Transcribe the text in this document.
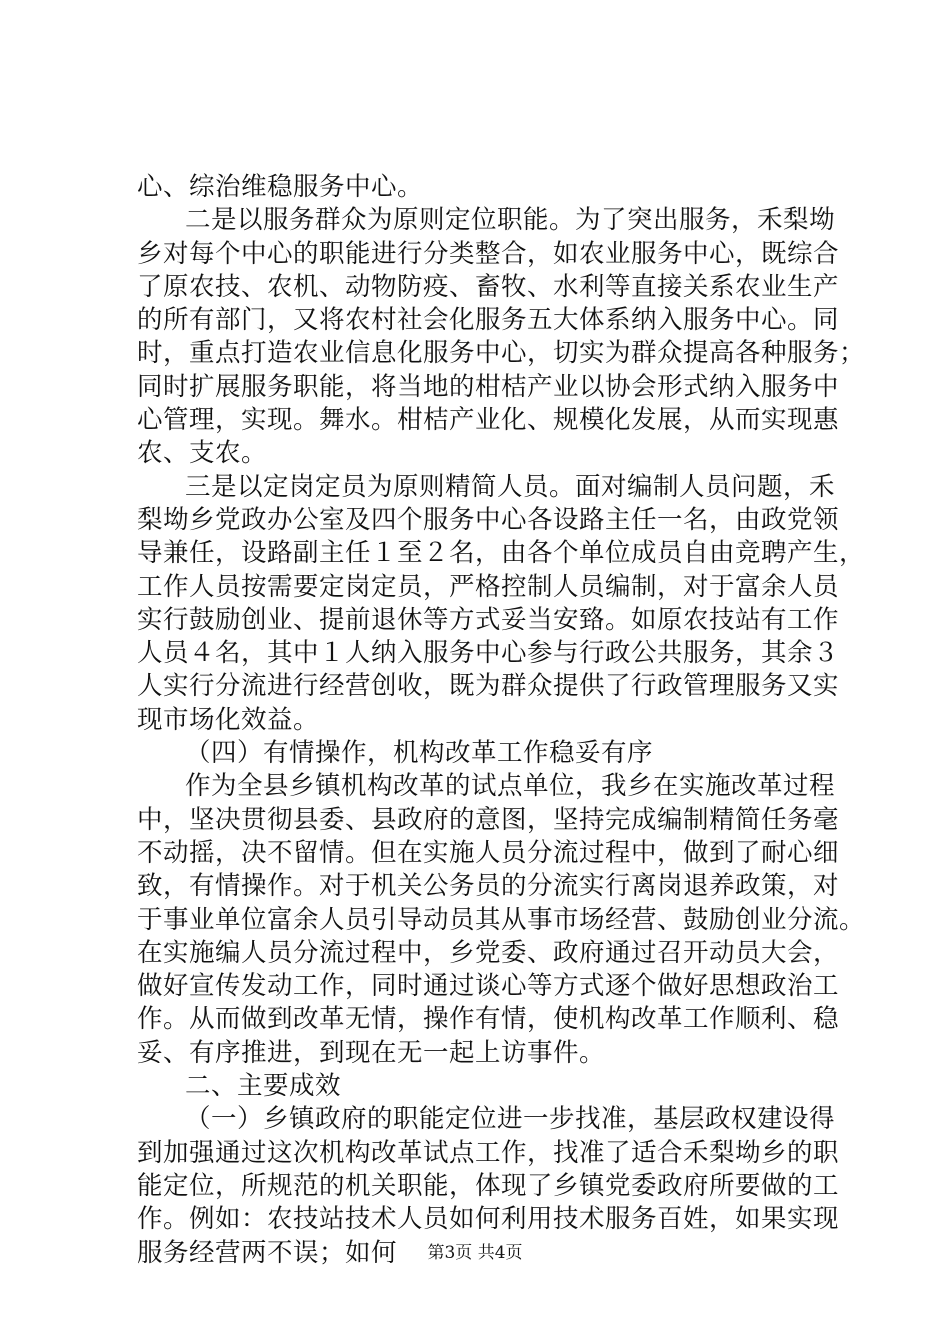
心、综治维稳服务中心。
二是以服务群众为原则定位职能。为了突出服务，禾梨坳
乡对每个中心的职能进行分类整合，如农业服务中心，既综合
了原农技、农机、动物防疫、畜牧、水利等直接关系农业生产
的所有部门，又将农村社会化服务五大体系纳入服务中心。同
时，重点打造农业信息化服务中心，切实为群众提高各种服务；
同时扩展服务职能，将当地的柑桔产业以协会形式纳入服务中
心管理，实现。舞水。柑桔产业化、规模化发展，从而实现惠
农、支农。
三是以定岗定员为原则精简人员。面对编制人员问题，禾
梨坳乡党政办公室及四个服务中心各设路主任一名，由政党领
导兼任，设路副主任１至２名，由各个单位成员自由竞聘产生，
工作人员按需要定岗定员，严格控制人员编制，对于富余人员
实行鼓励创业、提前退休等方式妥当安臵。如原农技站有工作
人员４名，其中１人纳入服务中心参与行政公共服务，其余３
人实行分流进行经营创收，既为群众提供了行政管理服务又实
现市场化效益。
（四）有情操作，机构改革工作稳妥有序
作为全县乡镇机构改革的试点单位，我乡在实施改革过程
中，坚决贯彻县委、县政府的意图，坚持完成编制精简任务毫
不动摇，决不留情。但在实施人员分流过程中，做到了耐心细
致，有情操作。对于机关公务员的分流实行离岗退养政策，对
于事业单位富余人员引导动员其从事市场经营、鼓励创业分流。
在实施编人员分流过程中，乡党委、政府通过召开动员大会，
做好宣传发动工作，同时通过谈心等方式逐个做好思想政治工
作。从而做到改革无情，操作有情，使机构改革工作顺利、稳
妥、有序推进，到现在无一起上访事件。
二、主要成效
（一）乡镇政府的职能定位进一步找准，基层政权建设得
到加强通过这次机构改革试点工作，找准了适合禾梨坳乡的职
能定位，所规范的机关职能，体现了乡镇党委政府所要做的工
作。例如：农技站技术人员如何利用技术服务百姓，如果实现
服务经营两不误；如何	第3页 共4页
